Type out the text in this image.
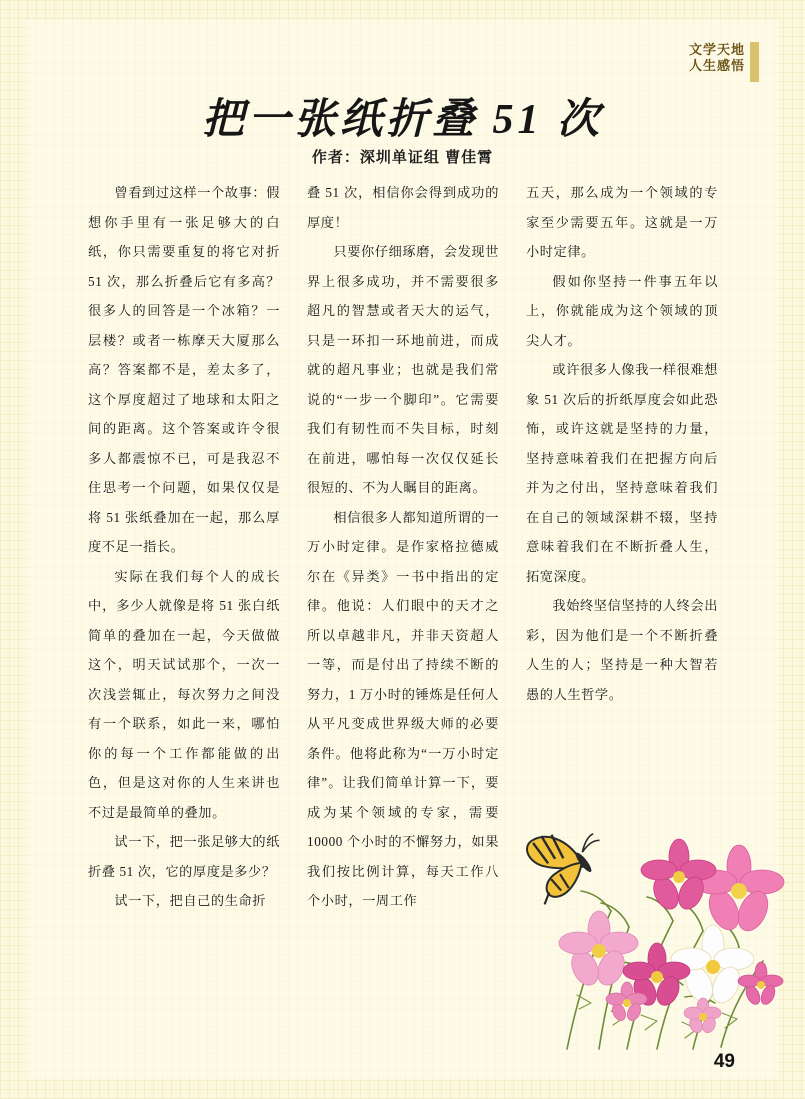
文学天地
人生感悟
把一张纸折叠 51 次
作者：深圳单证组 曹佳霄

曾看到过这样一个故事：假想你手里有一张足够大的白纸，你只需要重复的将它对折 51 次，那么折叠后它有多高？很多人的回答是一个冰箱？一层楼？或者一栋摩天大厦那么高？答案都不是，差太多了，这个厚度超过了地球和太阳之间的距离。这个答案或许令很多人都震惊不已，可是我忍不住思考一个问题，如果仅仅是将 51 张纸叠加在一起，那么厚度不足一指长。

实际在我们每个人的成长中，多少人就像是将 51 张白纸简单的叠加在一起，今天做做这个，明天试试那个，一次一次浅尝辄止，每次努力之间没有一个联系，如此一来，哪怕你的每一个工作都能做的出色，但是这对你的人生来讲也不过是最简单的叠加。

试一下，把一张足够大的纸折叠 51 次，它的厚度是多少？

试一下，把自己的生命折

叠 51 次，相信你会得到成功的厚度！

只要你仔细琢磨，会发现世界上很多成功，并不需要很多超凡的智慧或者天大的运气，只是一环扣一环地前进，而成就的超凡事业；也就是我们常说的“一步一个脚印”。它需要我们有韧性而不失目标，时刻在前进，哪怕每一次仅仅延长很短的、不为人瞩目的距离。

相信很多人都知道所谓的一万小时定律。是作家格拉德威尔在《异类》一书中指出的定律。他说：人们眼中的天才之所以卓越非凡，并非天资超人一等，而是付出了持续不断的努力，1 万小时的锤炼是任何人从平凡变成世界级大师的必要条件。他将此称为“一万小时定律”。让我们简单计算一下，要成为某个领域的专家，需要 10000 个小时的不懈努力，如果我们按比例计算，每天工作八个小时，一周工作

五天，那么成为一个领域的专家至少需要五年。这就是一万小时定律。

假如你坚持一件事五年以上，你就能成为这个领域的顶尖人才。

或许很多人像我一样很难想象 51 次后的折纸厚度会如此恐怖，或许这就是坚持的力量，坚持意味着我们在把握方向后并为之付出，坚持意味着我们在自己的领域深耕不辍，坚持意味着我们在不断折叠人生，拓宽深度。

我始终坚信坚持的人终会出彩，因为他们是一个不断折叠人生的人；坚持是一种大智若愚的人生哲学。

49
